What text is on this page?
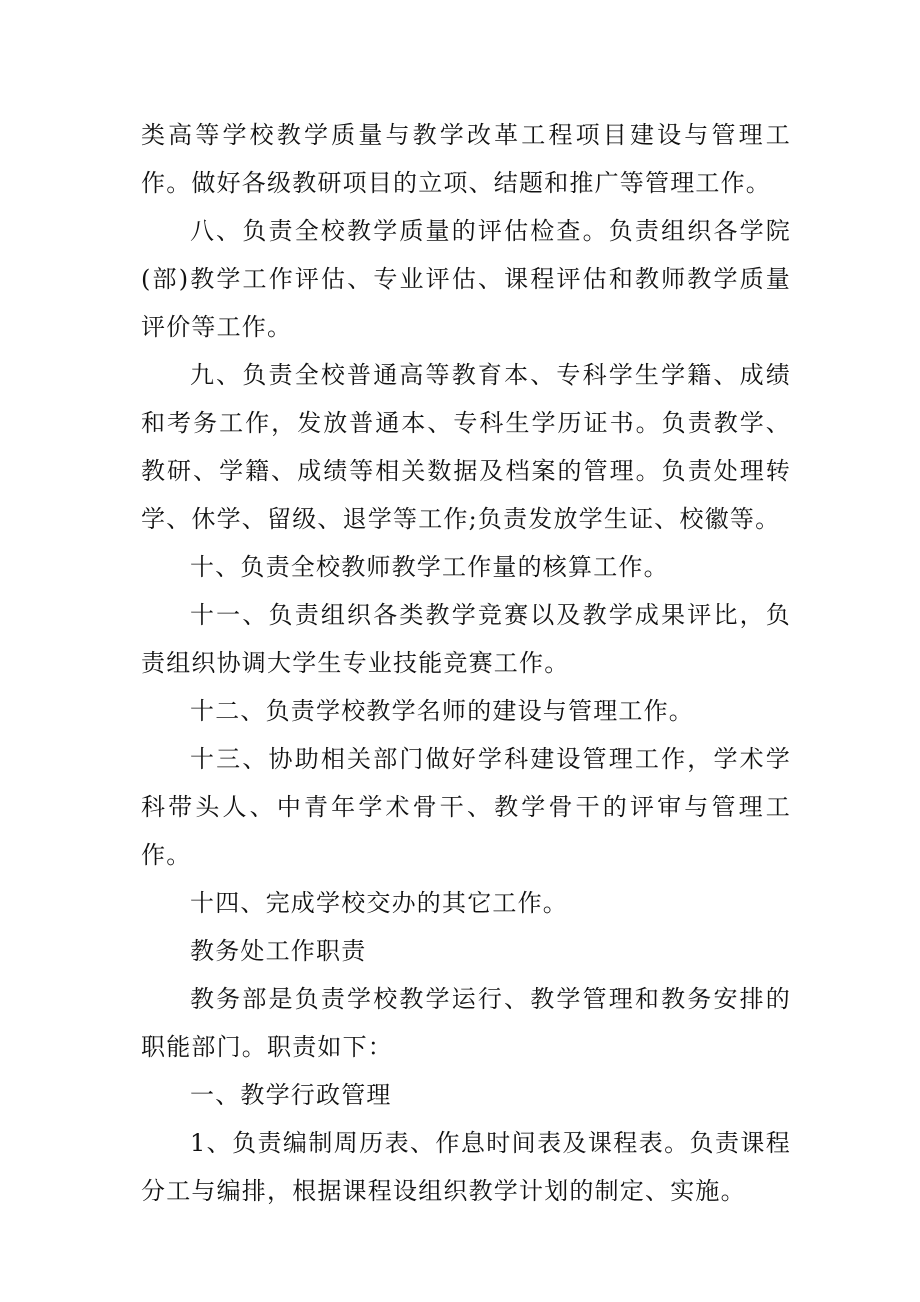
类高等学校教学质量与教学改革工程项目建设与管理工作。做好各级教研项目的立项、结题和推广等管理工作。

八、负责全校教学质量的评估检查。负责组织各学院(部)教学工作评估、专业评估、课程评估和教师教学质量评价等工作。

九、负责全校普通高等教育本、专科学生学籍、成绩和考务工作，发放普通本、专科生学历证书。负责教学、教研、学籍、成绩等相关数据及档案的管理。负责处理转学、休学、留级、退学等工作;负责发放学生证、校徽等。

十、负责全校教师教学工作量的核算工作。

十一、负责组织各类教学竞赛以及教学成果评比，负责组织协调大学生专业技能竞赛工作。

十二、负责学校教学名师的建设与管理工作。

十三、协助相关部门做好学科建设管理工作，学术学科带头人、中青年学术骨干、教学骨干的评审与管理工作。

十四、完成学校交办的其它工作。

教务处工作职责

教务部是负责学校教学运行、教学管理和教务安排的职能部门。职责如下：

一、教学行政管理

1、负责编制周历表、作息时间表及课程表。负责课程分工与编排，根据课程设组织教学计划的制定、实施。
